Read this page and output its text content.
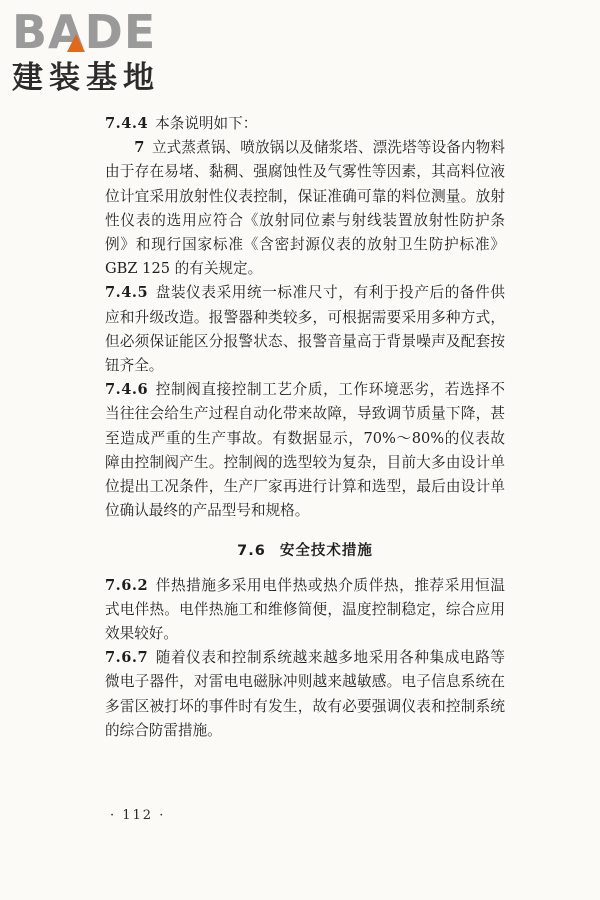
BADE
建装基地

7.4.4 本条说明如下：

7 立式蒸煮锅、喷放锅以及储浆塔、漂洗塔等设备内物料由于存在易堵、黏稠、强腐蚀性及气雾性等因素，其高料位液位计宜采用放射性仪表控制，保证准确可靠的料位测量。放射性仪表的选用应符合《放射同位素与射线装置放射性防护条例》和现行国家标准《含密封源仪表的放射卫生防护标准》GBZ 125 的有关规定。

7.4.5 盘装仪表采用统一标准尺寸，有利于投产后的备件供应和升级改造。报警器种类较多，可根据需要采用多种方式，但必须保证能区分报警状态、报警音量高于背景噪声及配套按钮齐全。

7.4.6 控制阀直接控制工艺介质，工作环境恶劣，若选择不当往往会给生产过程自动化带来故障，导致调节质量下降，甚至造成严重的生产事故。有数据显示，70%～80%的仪表故障由控制阀产生。控制阀的选型较为复杂，目前大多由设计单位提出工况条件，生产厂家再进行计算和选型，最后由设计单位确认最终的产品型号和规格。

7.6 安全技术措施

7.6.2 伴热措施多采用电伴热或热介质伴热，推荐采用恒温式电伴热。电伴热施工和维修简便，温度控制稳定，综合应用效果较好。

7.6.7 随着仪表和控制系统越来越多地采用各种集成电路等微电子器件，对雷电电磁脉冲则越来越敏感。电子信息系统在多雷区被打坏的事件时有发生，故有必要强调仪表和控制系统的综合防雷措施。

· 112 ·
